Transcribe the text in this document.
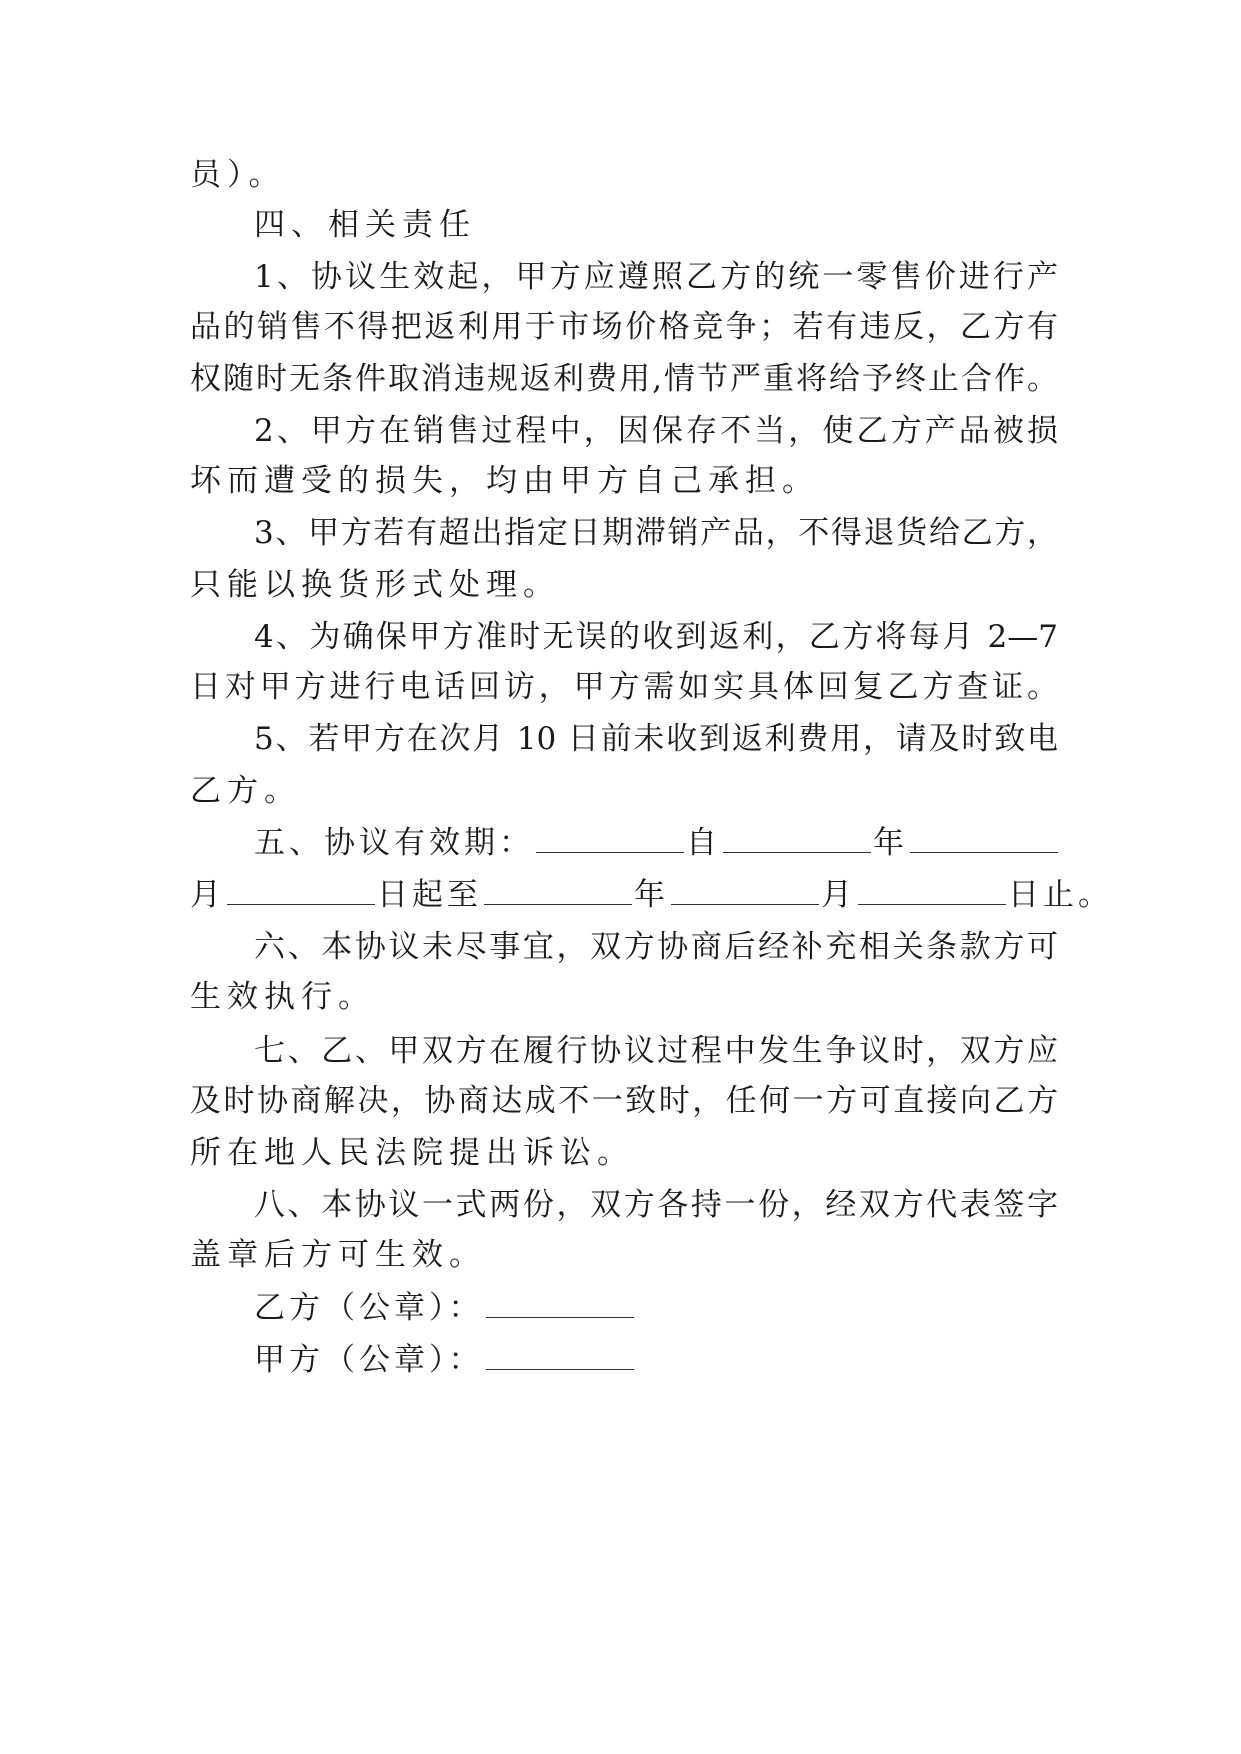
员）。
四、相关责任
1、协议生效起，甲方应遵照乙方的统一零售价进行产
品的销售不得把返利用于市场价格竞争；若有违反，乙方有
权随时无条件取消违规返利费用,情节严重将给予终止合作。
2、甲方在销售过程中，因保存不当，使乙方产品被损
坏而遭受的损失，均由甲方自己承担。
3、甲方若有超出指定日期滞销产品，不得退货给乙方，
只能以换货形式处理。
4、为确保甲方准时无误的收到返利，乙方将每月 2—7
日对甲方进行电话回访，甲方需如实具体回复乙方查证。
5、若甲方在次月 10 日前未收到返利费用，请及时致电
乙方。
五、协议有效期：	自	年
月	日起至	年	月	日止。
六、本协议未尽事宜，双方协商后经补充相关条款方可
生效执行。
七、乙、甲双方在履行协议过程中发生争议时，双方应
及时协商解决，协商达成不一致时，任何一方可直接向乙方
所在地人民法院提出诉讼。
八、本协议一式两份，双方各持一份，经双方代表签字
盖章后方可生效。
乙方（公章）：
甲方（公章）：
